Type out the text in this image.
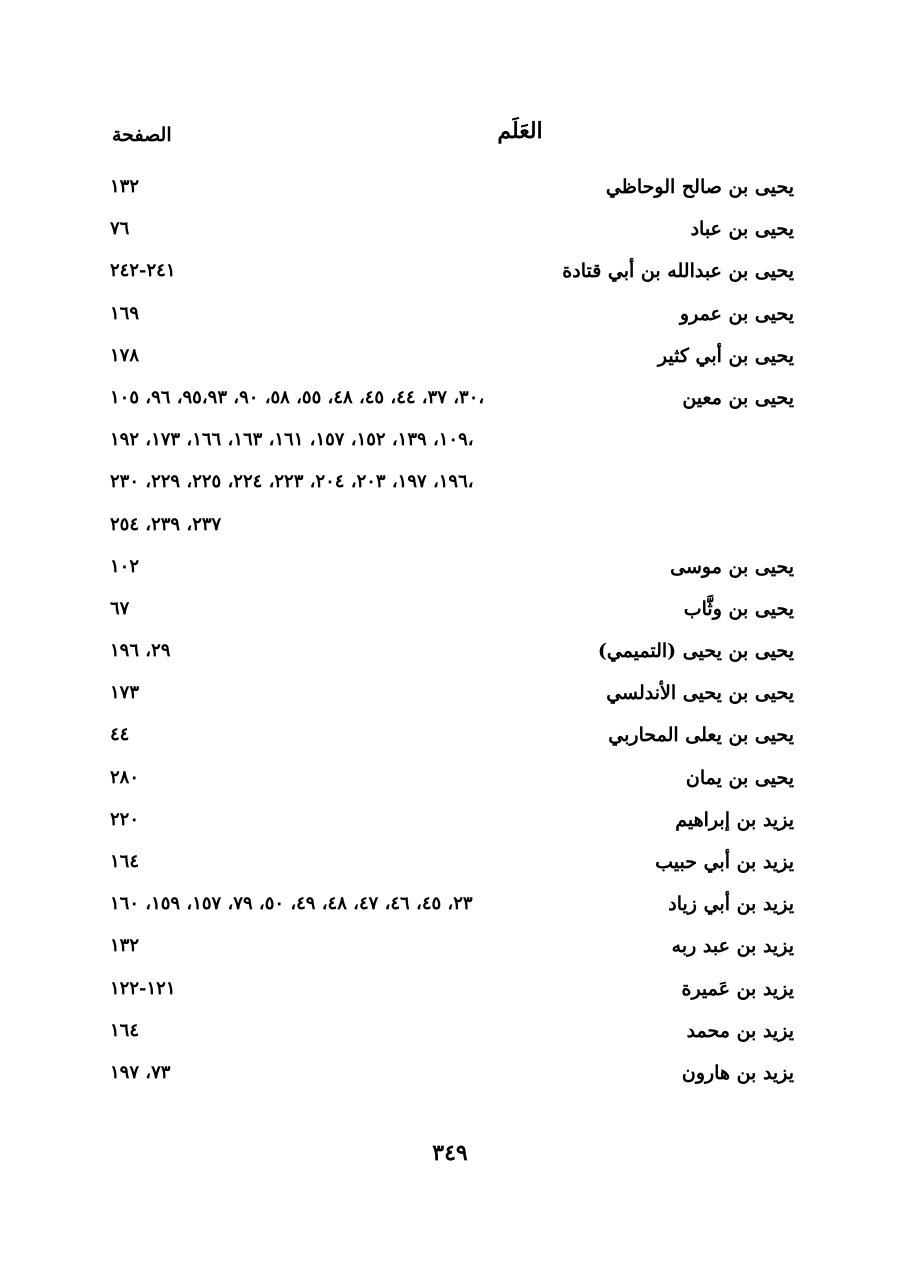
العَلَم
الصفحة
يحيى بن صالح الوحاظي
١٣٢
يحيى بن عباد
٧٦
يحيى بن عبدالله بن أبي قتادة
٢٤١-٢٤٢
يحيى بن عمرو
١٦٩
يحيى بن أبي كثير
١٧٨
يحيى بن معين
٣٠، ٣٧، ٤٤، ٤٥، ٤٨، ٥٥، ٥٨، ٩٠، ٩٥،٩٣، ٩٦، ١٠٥،
١٠٩، ١٣٩، ١٥٢، ١٥٧، ١٦١، ١٦٣، ١٦٦، ١٧٣، ١٩٢،
١٩٦، ١٩٧، ٢٠٣، ٢٠٤، ٢٢٣، ٢٢٤، ٢٢٥، ٢٢٩، ٢٣٠،
٢٣٧، ٢٣٩، ٢٥٤
يحيى بن موسى
١٠٢
يحيى بن وثَّاب
٦٧
يحيى بن يحيى (التميمي)
٢٩، ١٩٦
يحيى بن يحيى الأندلسي
١٧٣
يحيى بن يعلى المحاربي
٤٤
يحيى بن يمان
٢٨٠
يزيد بن إبراهيم
٢٢٠
يزيد بن أبي حبيب
١٦٤
يزيد بن أبي زياد
٢٣، ٤٥، ٤٦، ٤٧، ٤٨، ٤٩، ٥٠، ٧٩، ١٥٧، ١٥٩، ١٦٠
يزيد بن عبد ربه
١٣٢
يزيد بن عَميرة
١٢١-١٢٢
يزيد بن محمد
١٦٤
يزيد بن هارون
٧٣، ١٩٧
٣٤٩
